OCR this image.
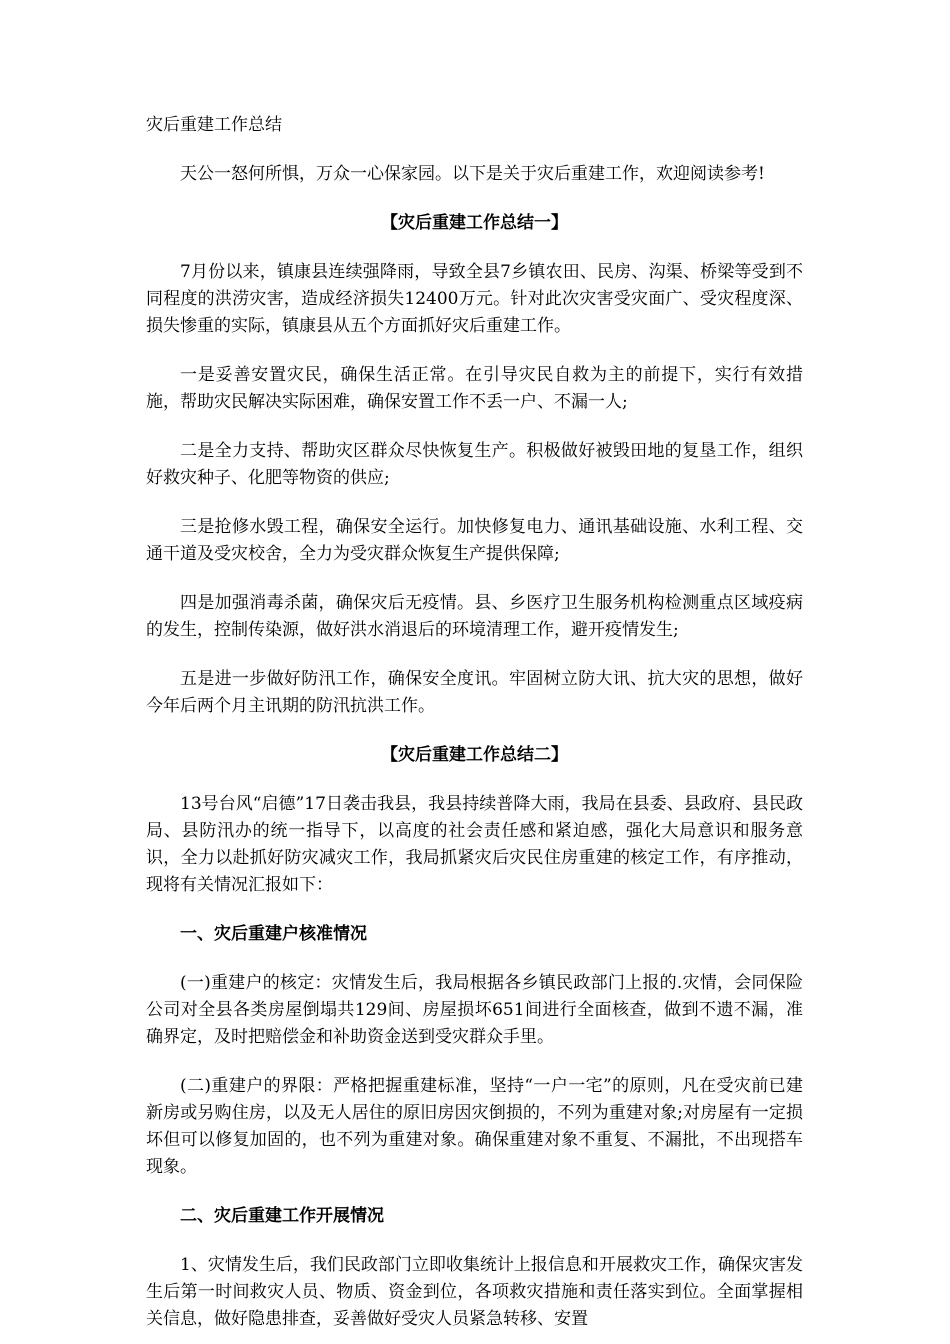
灾后重建工作总结

天公一怒何所惧，万众一心保家园。以下是关于灾后重建工作，欢迎阅读参考!

【灾后重建工作总结一】

7月份以来，镇康县连续强降雨，导致全县7乡镇农田、民房、沟渠、桥梁等受到不同程度的洪涝灾害，造成经济损失12400万元。针对此次灾害受灾面广、受灾程度深、损失惨重的实际，镇康县从五个方面抓好灾后重建工作。

一是妥善安置灾民，确保生活正常。在引导灾民自救为主的前提下，实行有效措施，帮助灾民解决实际困难，确保安置工作不丢一户、不漏一人;

二是全力支持、帮助灾区群众尽快恢复生产。积极做好被毁田地的复垦工作，组织好救灾种子、化肥等物资的供应;

三是抢修水毁工程，确保安全运行。加快修复电力、通讯基础设施、水利工程、交通干道及受灾校舍，全力为受灾群众恢复生产提供保障;

四是加强消毒杀菌，确保灾后无疫情。县、乡医疗卫生服务机构检测重点区域疫病的发生，控制传染源，做好洪水消退后的环境清理工作，避开疫情发生;

五是进一步做好防汛工作，确保安全度讯。牢固树立防大讯、抗大灾的思想，做好今年后两个月主讯期的防汛抗洪工作。

【灾后重建工作总结二】

13号台风“启德”17日袭击我县，我县持续普降大雨，我局在县委、县政府、县民政局、县防汛办的统一指导下，以高度的社会责任感和紧迫感，强化大局意识和服务意识，全力以赴抓好防灾减灾工作，我局抓紧灾后灾民住房重建的核定工作，有序推动，现将有关情况汇报如下：

一、灾后重建户核准情况

(一)重建户的核定：灾情发生后，我局根据各乡镇民政部门上报的.灾情，会同保险公司对全县各类房屋倒塌共129间、房屋损坏651间进行全面核查，做到不遗不漏，准确界定，及时把赔偿金和补助资金送到受灾群众手里。

(二)重建户的界限：严格把握重建标准，坚持“一户一宅”的原则，凡在受灾前已建新房或另购住房，以及无人居住的原旧房因灾倒损的，不列为重建对象;对房屋有一定损坏但可以修复加固的，也不列为重建对象。确保重建对象不重复、不漏批，不出现搭车现象。

二、灾后重建工作开展情况

1、灾情发生后，我们民政部门立即收集统计上报信息和开展救灾工作，确保灾害发生后第一时间救灾人员、物质、资金到位，各项救灾措施和责任落实到位。全面掌握相关信息，做好隐患排查，妥善做好受灾人员紧急转移、安置
